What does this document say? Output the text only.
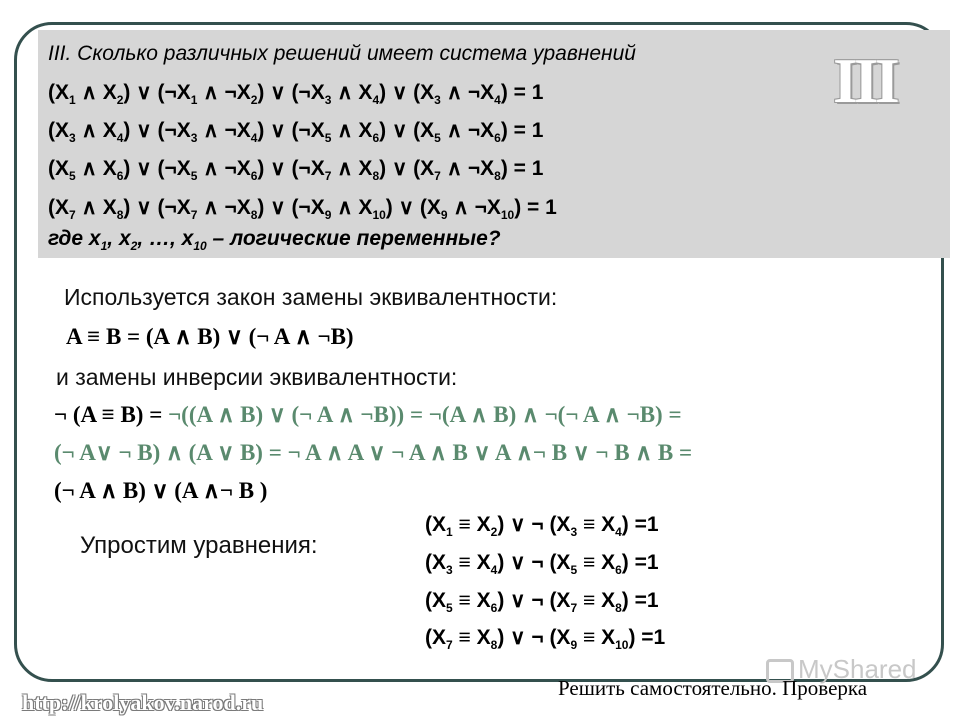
III. Сколько различных решений имеет система уравнений
($X_1$ ∧ $X_2$) ∨ ($\neg X_1$ ∧ $\neg X_2$) ∨ ($\neg X_3$ ∧ $X_4$) ∨ ($X_3$ ∧ $\neg X_4) = 1$
($X_3$ ∧ $X_4$) ∨ ($\neg X_3$ ∧ $\neg X_4$) ∨ ($\neg X_5$ ∧ $X_6$) ∨ ($X_5$ ∧ $\neg X_6) = 1$
($X_5$ ∧ $X_6$) ∨ ($\neg X_5$ ∧ $\neg X_6$) ∨ ($\neg X_7$ ∧ $X_8$) ∨ ($X_7$ ∧ $\neg X_8) = 1$
($X_7$ ∧ $X_8$) ∨ ($\neg X_7$ ∧ $\neg X_8$) ∨ ($\neg X_9$ ∧ $X_{10}$) ∨ ($X_9$ ∧ $\neg X_{10}) = 1$
где $x_1$, $x_2$, …, $x_{10}$ – логические переменные?
III
Используется закон замены эквивалентности:
A ≡ B = (A ∧ B) ∨ (¬ A ∧ ¬B)
и замены инверсии эквивалентности:
¬ (A ≡ B) = ¬((A ∧ B) ∨ (¬ A ∧ ¬B)) = ¬(A ∧ B) ∧ ¬(¬ A ∧ ¬B) =
(¬ A∨ ¬ B) ∧ (A ∨ B) = ¬ A ∧ A ∨ ¬ A ∧ B ∨ A ∧¬ B ∨ ¬ B ∧ B =
(¬ A ∧ B) ∨ (A ∧¬ B )
Упростим уравнения:
$(X_1 \equiv X_2)$ ∨ ¬ $(X_3 \equiv X_4) =1$
$(X_3 \equiv X_4)$ ∨ ¬ $(X_5 \equiv X_6) =1$
$(X_5 \equiv X_6)$ ∨ ¬ $(X_7 \equiv X_8) =1$
$(X_7 \equiv X_8)$ ∨ ¬ $(X_9 \equiv X_{10}) =1$
MyShared
http://krolyakov.narod.ru
Решить самостоятельно. Проверка
